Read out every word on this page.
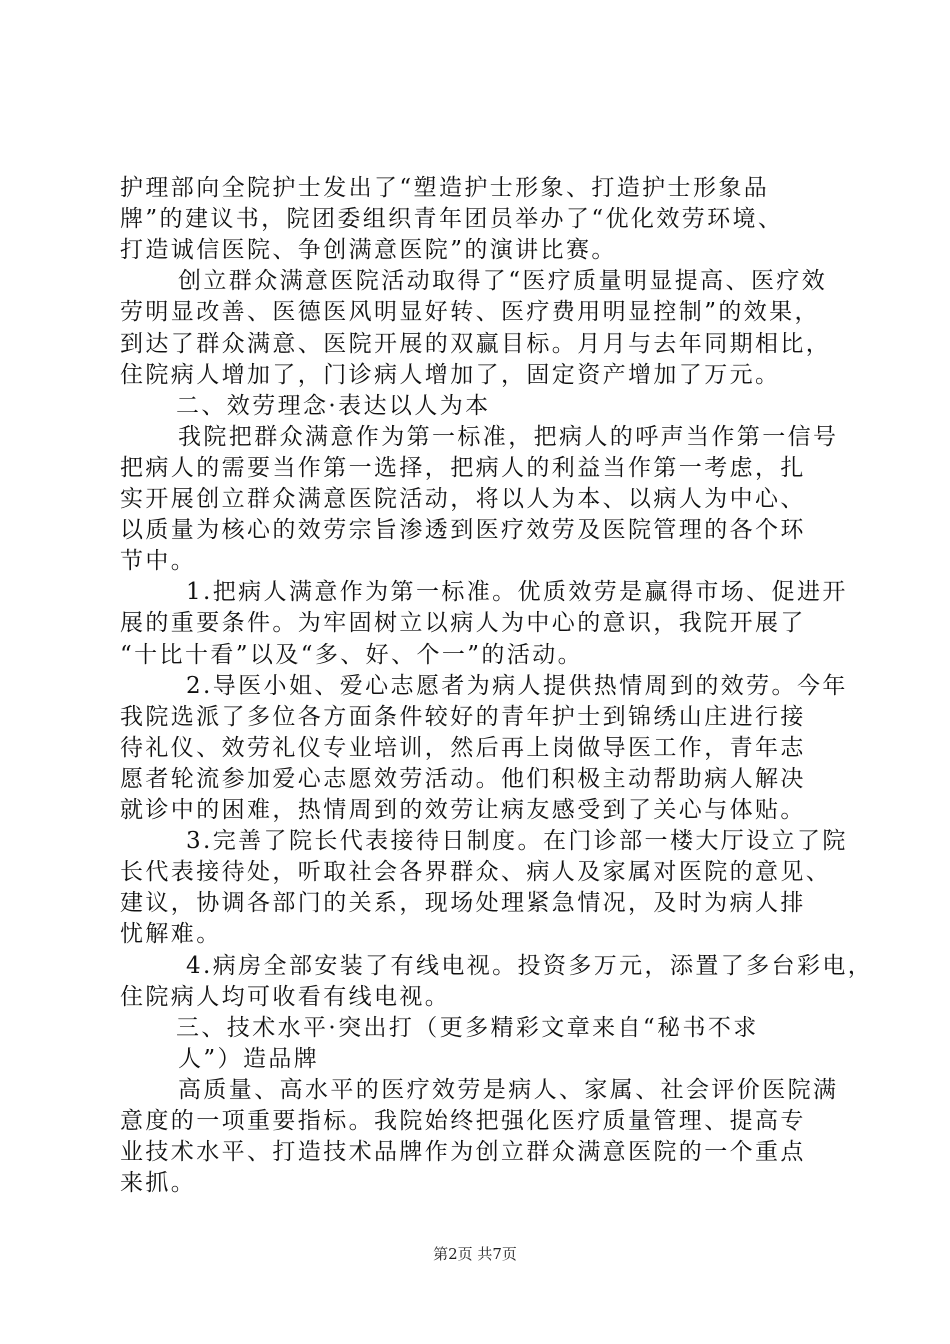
护理部向全院护士发出了“塑造护士形象、打造护士形象品
牌”的建议书，院团委组织青年团员举办了“优化效劳环境、
打造诚信医院、争创满意医院”的演讲比赛。
创立群众满意医院活动取得了“医疗质量明显提高、医疗效
劳明显改善、医德医风明显好转、医疗费用明显控制”的效果，
到达了群众满意、医院开展的双赢目标。月月与去年同期相比，
住院病人增加了，门诊病人增加了，固定资产增加了万元。
二、效劳理念·表达以人为本
我院把群众满意作为第一标准，把病人的呼声当作第一信号
把病人的需要当作第一选择，把病人的利益当作第一考虑，扎
实开展创立群众满意医院活动，将以人为本、以病人为中心、
以质量为核心的效劳宗旨渗透到医疗效劳及医院管理的各个环
节中。
1.把病人满意作为第一标准。优质效劳是赢得市场、促进开
展的重要条件。为牢固树立以病人为中心的意识，我院开展了
“十比十看”以及“多、好、个一”的活动。
2.导医小姐、爱心志愿者为病人提供热情周到的效劳。今年
我院选派了多位各方面条件较好的青年护士到锦绣山庄进行接
待礼仪、效劳礼仪专业培训，然后再上岗做导医工作，青年志
愿者轮流参加爱心志愿效劳活动。他们积极主动帮助病人解决
就诊中的困难，热情周到的效劳让病友感受到了关心与体贴。
3.完善了院长代表接待日制度。在门诊部一楼大厅设立了院
长代表接待处，听取社会各界群众、病人及家属对医院的意见、
建议，协调各部门的关系，现场处理紧急情况，及时为病人排
忧解难。
4.病房全部安装了有线电视。投资多万元，添置了多台彩电，
住院病人均可收看有线电视。
三、技术水平·突出打（更多精彩文章来自“秘书不求
人”）造品牌
高质量、高水平的医疗效劳是病人、家属、社会评价医院满
意度的一项重要指标。我院始终把强化医疗质量管理、提高专
业技术水平、打造技术品牌作为创立群众满意医院的一个重点
来抓。
第2页 共7页
